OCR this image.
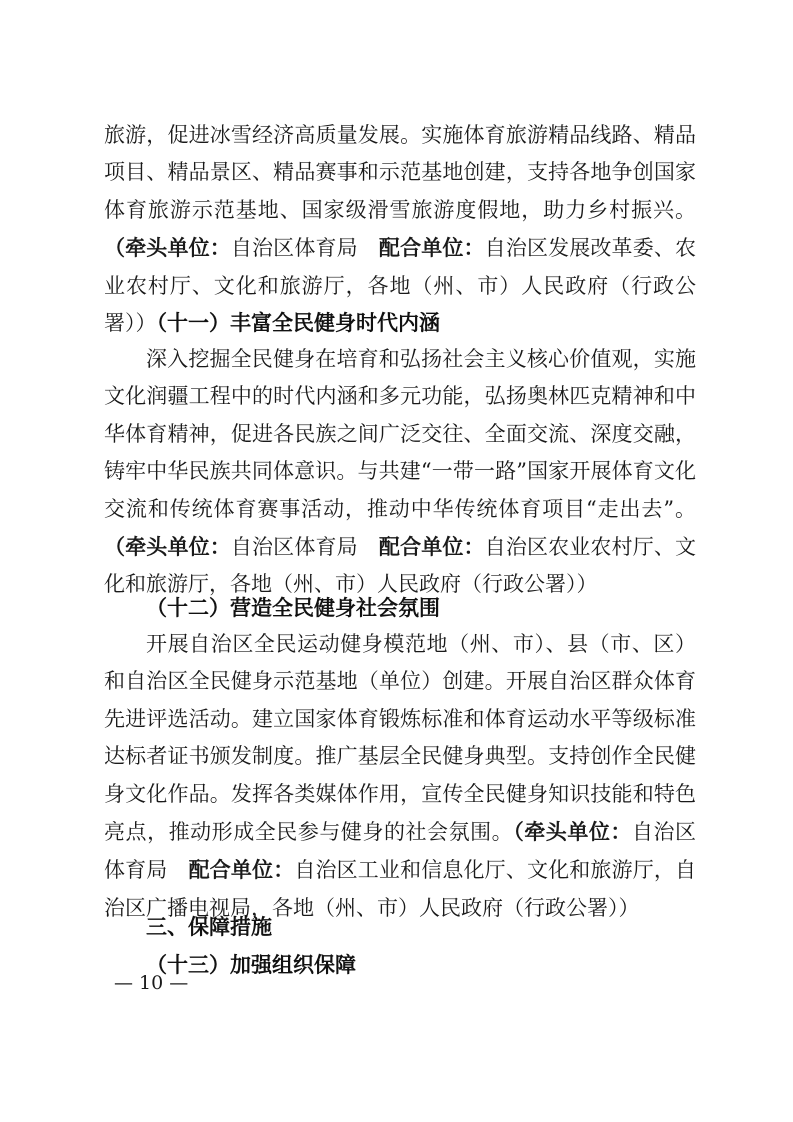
旅游，促进冰雪经济高质量发展。实施体育旅游精品线路、精品项目、精品景区、精品赛事和示范基地创建，支持各地争创国家体育旅游示范基地、国家级滑雪旅游度假地，助力乡村振兴。（牵头单位：自治区体育局 配合单位：自治区发展改革委、农业农村厅、文化和旅游厅，各地（州、市）人民政府（行政公署））

（十一）丰富全民健身时代内涵

深入挖掘全民健身在培育和弘扬社会主义核心价值观，实施文化润疆工程中的时代内涵和多元功能，弘扬奥林匹克精神和中华体育精神，促进各民族之间广泛交往、全面交流、深度交融，铸牢中华民族共同体意识。与共建“一带一路”国家开展体育文化交流和传统体育赛事活动，推动中华传统体育项目“走出去”。（牵头单位：自治区体育局 配合单位：自治区农业农村厅、文化和旅游厅，各地（州、市）人民政府（行政公署））

（十二）营造全民健身社会氛围

开展自治区全民运动健身模范地（州、市）、县（市、区）和自治区全民健身示范基地（单位）创建。开展自治区群众体育先进评选活动。建立国家体育锻炼标准和体育运动水平等级标准达标者证书颁发制度。推广基层全民健身典型。支持创作全民健身文化作品。发挥各类媒体作用，宣传全民健身知识技能和特色亮点，推动形成全民参与健身的社会氛围。（牵头单位：自治区体育局 配合单位：自治区工业和信息化厅、文化和旅游厅，自治区广播电视局，各地（州、市）人民政府（行政公署））

三、保障措施

（十三）加强组织保障

— 10 —
